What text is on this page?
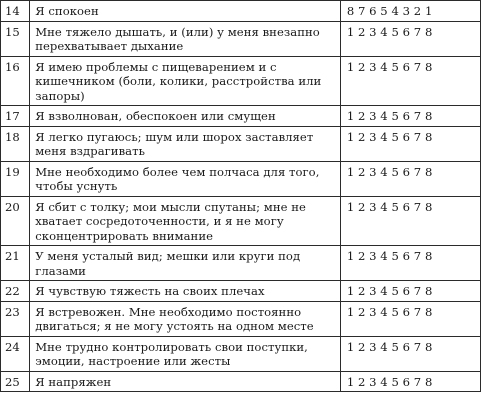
14	Я спокоен	8 7 6 5 4 3 2 1
15	Мне тяжело дышать, и (или) у меня внезапно перехватывает дыхание	1 2 3 4 5 6 7 8
16	Я имею проблемы с пищеварением и с кишечником (боли, колики, расстройства или запоры)	1 2 3 4 5 6 7 8
17	Я взволнован, обеспокоен или смущен	1 2 3 4 5 6 7 8
18	Я легко пугаюсь; шум или шорох заставляет меня вздрагивать	1 2 3 4 5 6 7 8
19	Мне необходимо более чем полчаса для того, чтобы уснуть	1 2 3 4 5 6 7 8
20	Я сбит с толку; мои мысли спутаны; мне не хватает сосредоточенности, и я не могу сконцентрировать внимание	1 2 3 4 5 6 7 8
21	У меня усталый вид; мешки или круги под глазами	1 2 3 4 5 6 7 8
22	Я чувствую тяжесть на своих плечах	1 2 3 4 5 6 7 8
23	Я встревожен. Мне необходимо постоянно двигаться; я не могу устоять на одном месте	1 2 3 4 5 6 7 8
24	Мне трудно контролировать свои поступки, эмоции, настроение или жесты	1 2 3 4 5 6 7 8
25	Я напряжен	1 2 3 4 5 6 7 8
